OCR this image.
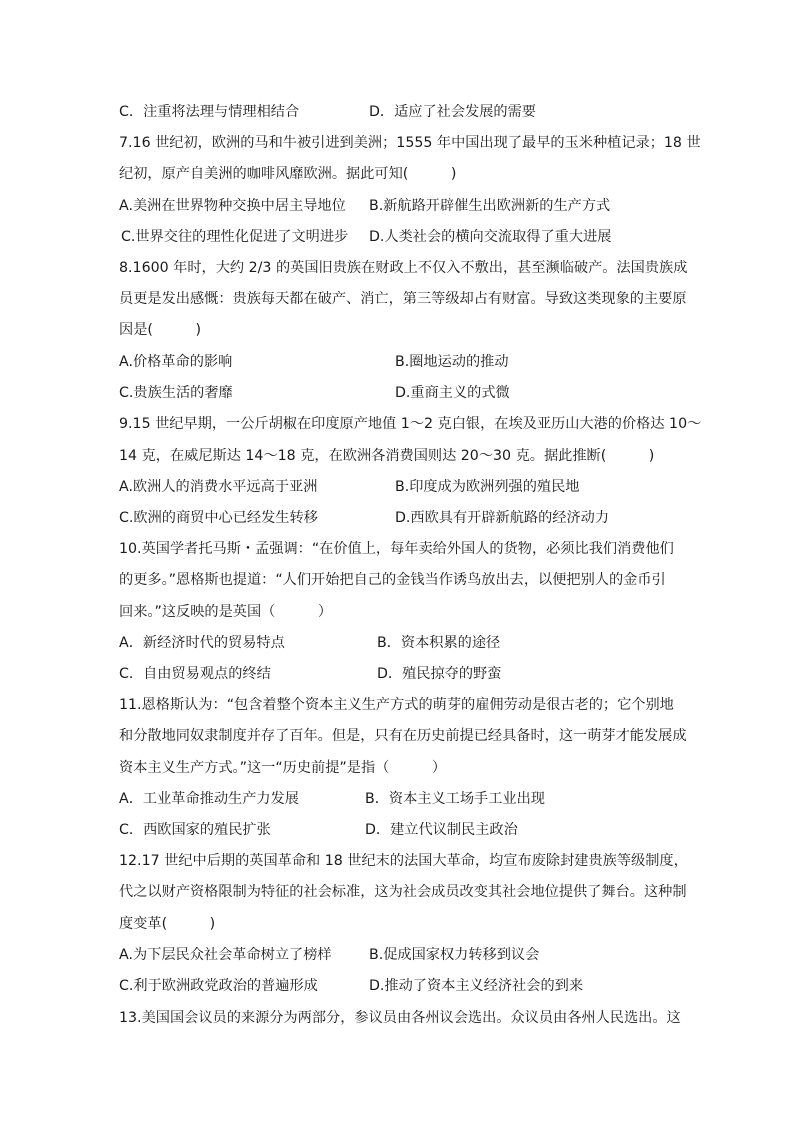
C．注重将法理与情理相结合	D．适应了社会发展的需要
7.16 世纪初，欧洲的马和牛被引进到美洲；1555 年中国出现了最早的玉米种植记录；18 世
纪初，原产自美洲的咖啡风靡欧洲。据此可知(　　　)
A.美洲在世界物种交换中居主导地位 B.新航路开辟催生出欧洲新的生产方式
C.世界交往的理性化促进了文明进步 D.人类社会的横向交流取得了重大进展
8.1600 年时，大约 2/3 的英国旧贵族在财政上不仅入不敷出，甚至濒临破产。法国贵族成
员更是发出感慨：贵族每天都在破产、消亡，第三等级却占有财富。导致这类现象的主要原
因是(　　　)
A.价格革命的影响	B.圈地运动的推动
C.贵族生活的奢靡	D.重商主义的式微
9.15 世纪早期，一公斤胡椒在印度原产地值 1～2 克白银，在埃及亚历山大港的价格达 10～
14 克，在威尼斯达 14～18 克，在欧洲各消费国则达 20～30 克。据此推断(　　　)
A.欧洲人的消费水平远高于亚洲	B.印度成为欧洲列强的殖民地
C.欧洲的商贸中心已经发生转移	D.西欧具有开辟新航路的经济动力
10.英国学者托马斯・孟强调：“在价值上，每年卖给外国人的货物，必须比我们消费他们
的更多。”恩格斯也提道：“人们开始把自己的金钱当作诱鸟放出去，以便把别人的金币引
回来。”这反映的是英国（　　　）
A．新经济时代的贸易特点	B．资本积累的途径
C．自由贸易观点的终结	D．殖民掠夺的野蛮
11.恩格斯认为：“包含着整个资本主义生产方式的萌芽的雇佣劳动是很古老的；它个别地
和分散地同奴隶制度并存了百年。但是，只有在历史前提已经具备时，这一萌芽才能发展成
资本主义生产方式。”这一“历史前提”是指（　　　）
A．工业革命推动生产力发展	B．资本主义工场手工业出现
C．西欧国家的殖民扩张	D．建立代议制民主政治
12.17 世纪中后期的英国革命和 18 世纪末的法国大革命，均宣布废除封建贵族等级制度，
代之以财产资格限制为特征的社会标准，这为社会成员改变其社会地位提供了舞台。这种制
度变革(　　　)
A.为下层民众社会革命树立了榜样	B.促成国家权力转移到议会
C.利于欧洲政党政治的普遍形成	D.推动了资本主义经济社会的到来
13.美国国会议员的来源分为两部分，参议员由各州议会选出。众议员由各州人民选出。这
